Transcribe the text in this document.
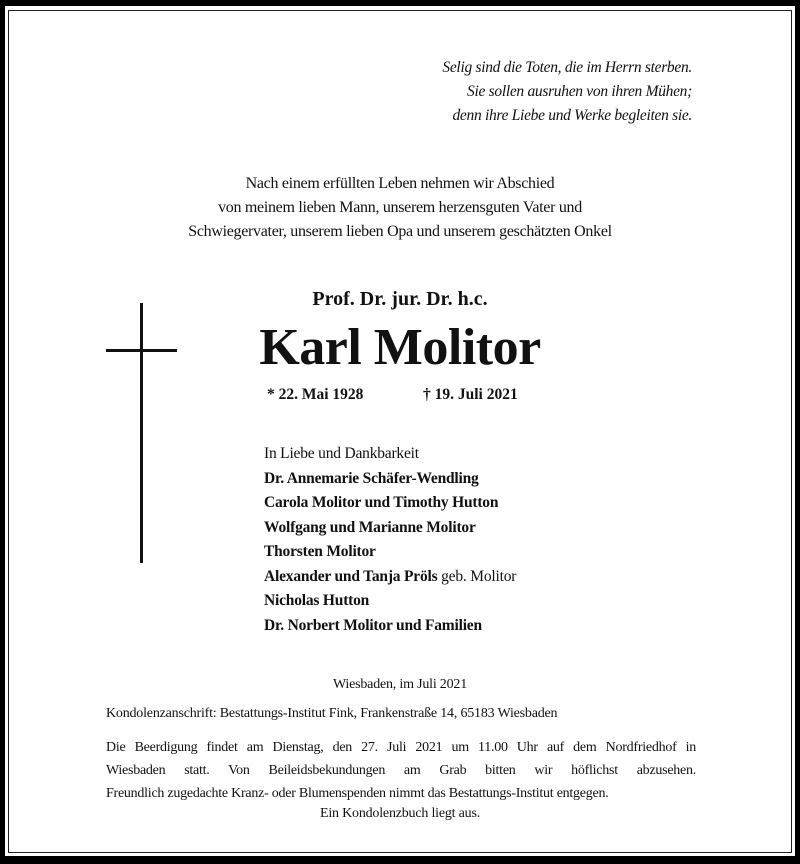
Selig sind die Toten, die im Herrn sterben.
Sie sollen ausruhen von ihren Mühen;
denn ihre Liebe und Werke begleiten sie.
Nach einem erfüllten Leben nehmen wir Abschied
von meinem lieben Mann, unserem herzensguten Vater und
Schwiegervater, unserem lieben Opa und unserem geschätzten Onkel
Prof. Dr. jur. Dr. h.c.
Karl Molitor
* 22. Mai 1928	† 19. Juli 2021
In Liebe und Dankbarkeit
Dr. Annemarie Schäfer-Wendling
Carola Molitor und Timothy Hutton
Wolfgang und Marianne Molitor
Thorsten Molitor
Alexander und Tanja Pröls geb. Molitor
Nicholas Hutton
Dr. Norbert Molitor und Familien
Wiesbaden, im Juli 2021
Kondolenzanschrift: Bestattungs-Institut Fink, Frankenstraße 14, 65183 Wiesbaden
Die Beerdigung findet am Dienstag, den 27. Juli 2021 um 11.00 Uhr auf dem Nordfriedhof in
Wiesbaden statt. Von Beileidsbekundungen am Grab bitten wir höflichst abzusehen.
Freundlich zugedachte Kranz- oder Blumenspenden nimmt das Bestattungs-Institut entgegen.
Ein Kondolenzbuch liegt aus.
